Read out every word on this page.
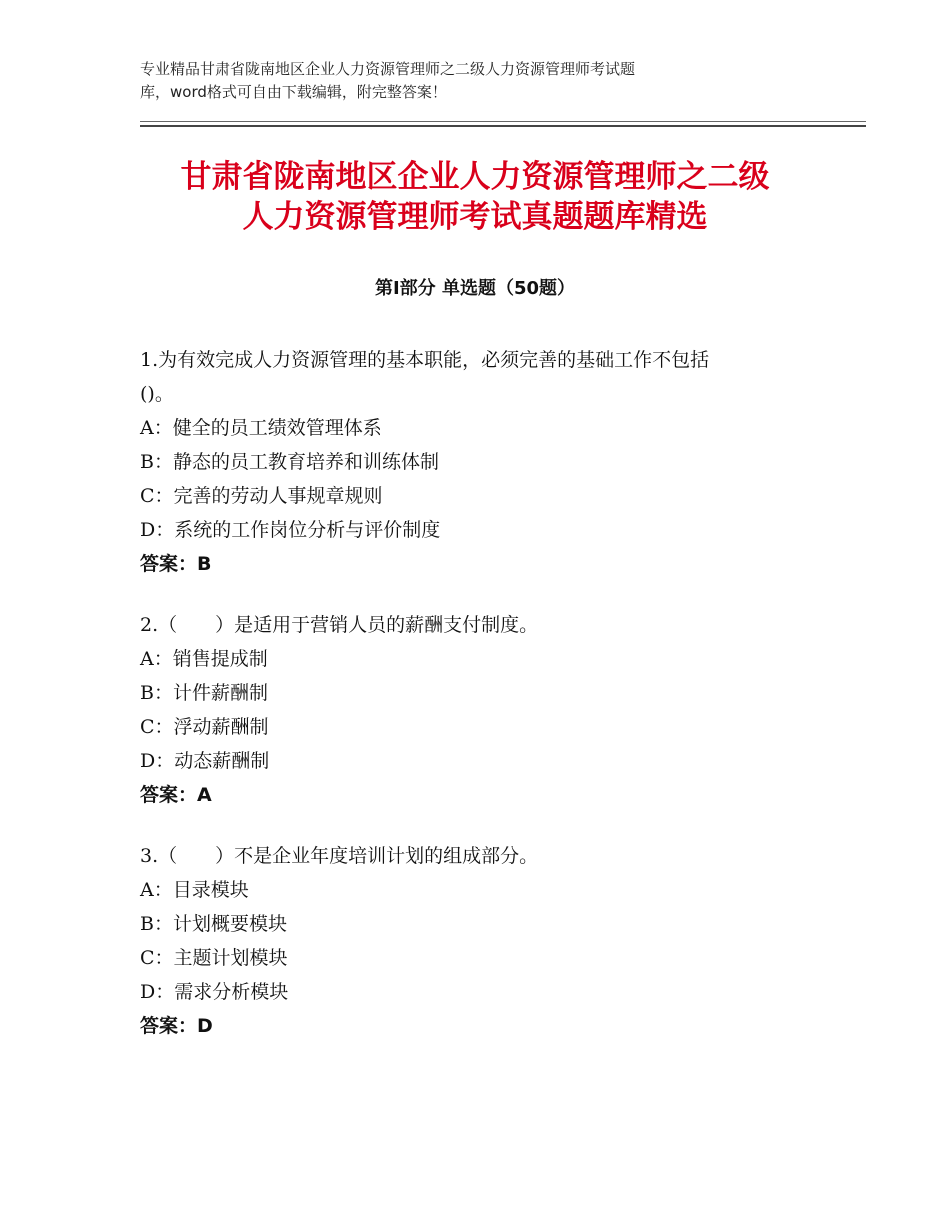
专业精品甘肃省陇南地区企业人力资源管理师之二级人力资源管理师考试题
库，word格式可自由下载编辑，附完整答案！
甘肃省陇南地区企业人力资源管理师之二级
人力资源管理师考试真题题库精选
第Ⅰ部分 单选题（50题）

1.为有效完成人力资源管理的基本职能，必须完善的基础工作不包括

()。

A：健全的员工绩效管理体系

B：静态的员工教育培养和训练体制

C：完善的劳动人事规章规则

D：系统的工作岗位分析与评价制度

答案：B

2.（　　）是适用于营销人员的薪酬支付制度。

A：销售提成制

B：计件薪酬制

C：浮动薪酬制

D：动态薪酬制

答案：A

3.（　　）不是企业年度培训计划的组成部分。

A：目录模块

B：计划概要模块

C：主题计划模块

D：需求分析模块

答案：D
